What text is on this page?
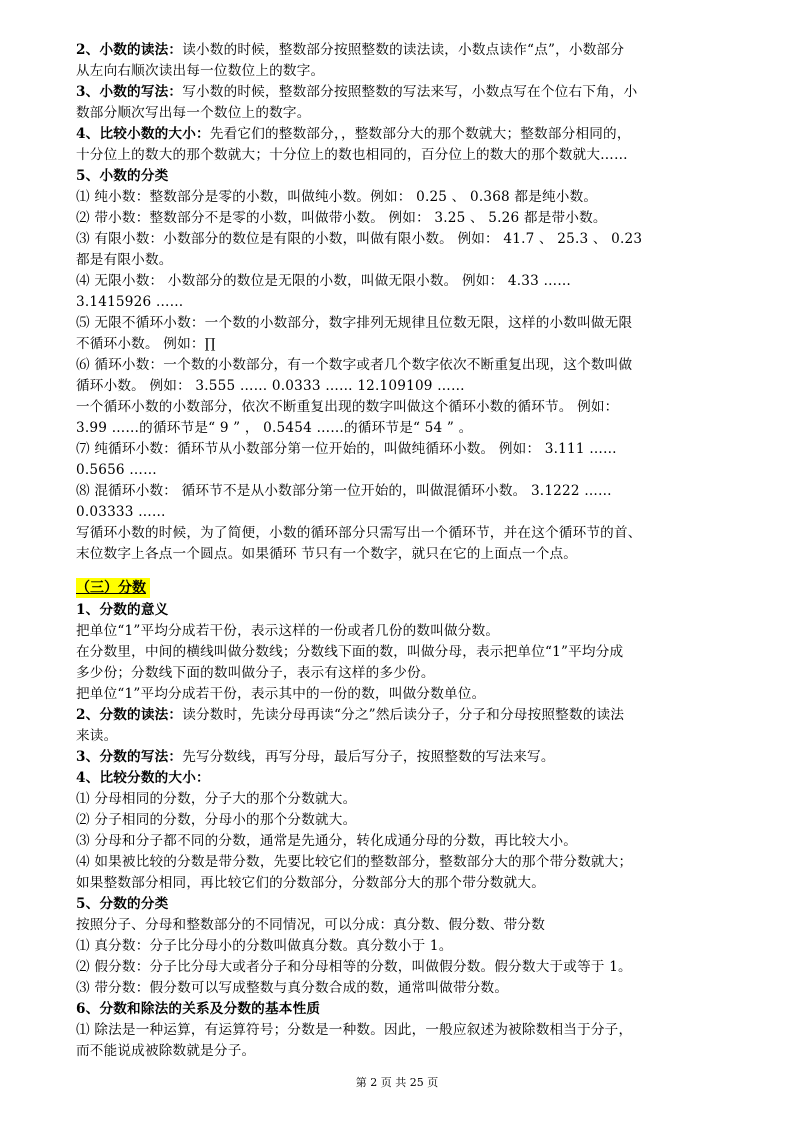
2、小数的读法：读小数的时候，整数部分按照整数的读法读，小数点读作“点”，小数部分
从左向右顺次读出每一位数位上的数字。
3、小数的写法：写小数的时候，整数部分按照整数的写法来写，小数点写在个位右下角，小
数部分顺次写出每一个数位上的数字。
4、比较小数的大小：先看它们的整数部分，，整数部分大的那个数就大；整数部分相同的，
十分位上的数大的那个数就大；十分位上的数也相同的，百分位上的数大的那个数就大……
5、小数的分类
⑴ 纯小数：整数部分是零的小数，叫做纯小数。例如： 0.25 、 0.368 都是纯小数。
⑵ 带小数：整数部分不是零的小数，叫做带小数。 例如： 3.25 、 5.26 都是带小数。
⑶ 有限小数：小数部分的数位是有限的小数，叫做有限小数。 例如： 41.7 、 25.3 、 0.23
都是有限小数。
⑷ 无限小数： 小数部分的数位是无限的小数，叫做无限小数。 例如： 4.33 ……
3.1415926 ……
⑸ 无限不循环小数：一个数的小数部分，数字排列无规律且位数无限，这样的小数叫做无限
不循环小数。 例如：∏
⑹ 循环小数：一个数的小数部分，有一个数字或者几个数字依次不断重复出现，这个数叫做
循环小数。 例如： 3.555 …… 0.0333 …… 12.109109 ……
一个循环小数的小数部分，依次不断重复出现的数字叫做这个循环小数的循环节。 例如：
3.99 ……的循环节是“ 9 ” ， 0.5454 ……的循环节是“ 54 ” 。
⑺ 纯循环小数：循环节从小数部分第一位开始的，叫做纯循环小数。 例如： 3.111 ……
0.5656 ……
⑻ 混循环小数： 循环节不是从小数部分第一位开始的，叫做混循环小数。 3.1222 ……
0.03333 ……
写循环小数的时候，为了简便，小数的循环部分只需写出一个循环节，并在这个循环节的首、
末位数字上各点一个圆点。如果循环 节只有一个数字，就只在它的上面点一个点。
（三）分数
1、分数的意义
把单位“1”平均分成若干份，表示这样的一份或者几份的数叫做分数。
在分数里，中间的横线叫做分数线；分数线下面的数，叫做分母，表示把单位“1”平均分成
多少份；分数线下面的数叫做分子，表示有这样的多少份。
把单位“1”平均分成若干份，表示其中的一份的数，叫做分数单位。
2、分数的读法：读分数时，先读分母再读“分之”然后读分子，分子和分母按照整数的读法
来读。
3、分数的写法：先写分数线，再写分母，最后写分子，按照整数的写法来写。
4、比较分数的大小：
⑴ 分母相同的分数，分子大的那个分数就大。
⑵ 分子相同的分数，分母小的那个分数就大。
⑶ 分母和分子都不同的分数，通常是先通分，转化成通分母的分数，再比较大小。
⑷ 如果被比较的分数是带分数，先要比较它们的整数部分，整数部分大的那个带分数就大；
如果整数部分相同，再比较它们的分数部分，分数部分大的那个带分数就大。
5、分数的分类
按照分子、分母和整数部分的不同情况，可以分成：真分数、假分数、带分数
⑴ 真分数：分子比分母小的分数叫做真分数。真分数小于 1。
⑵ 假分数：分子比分母大或者分子和分母相等的分数，叫做假分数。假分数大于或等于 1。
⑶ 带分数：假分数可以写成整数与真分数合成的数，通常叫做带分数。
6、分数和除法的关系及分数的基本性质
⑴ 除法是一种运算，有运算符号；分数是一种数。因此，一般应叙述为被除数相当于分子，
而不能说成被除数就是分子。
第 2 页 共 25 页
